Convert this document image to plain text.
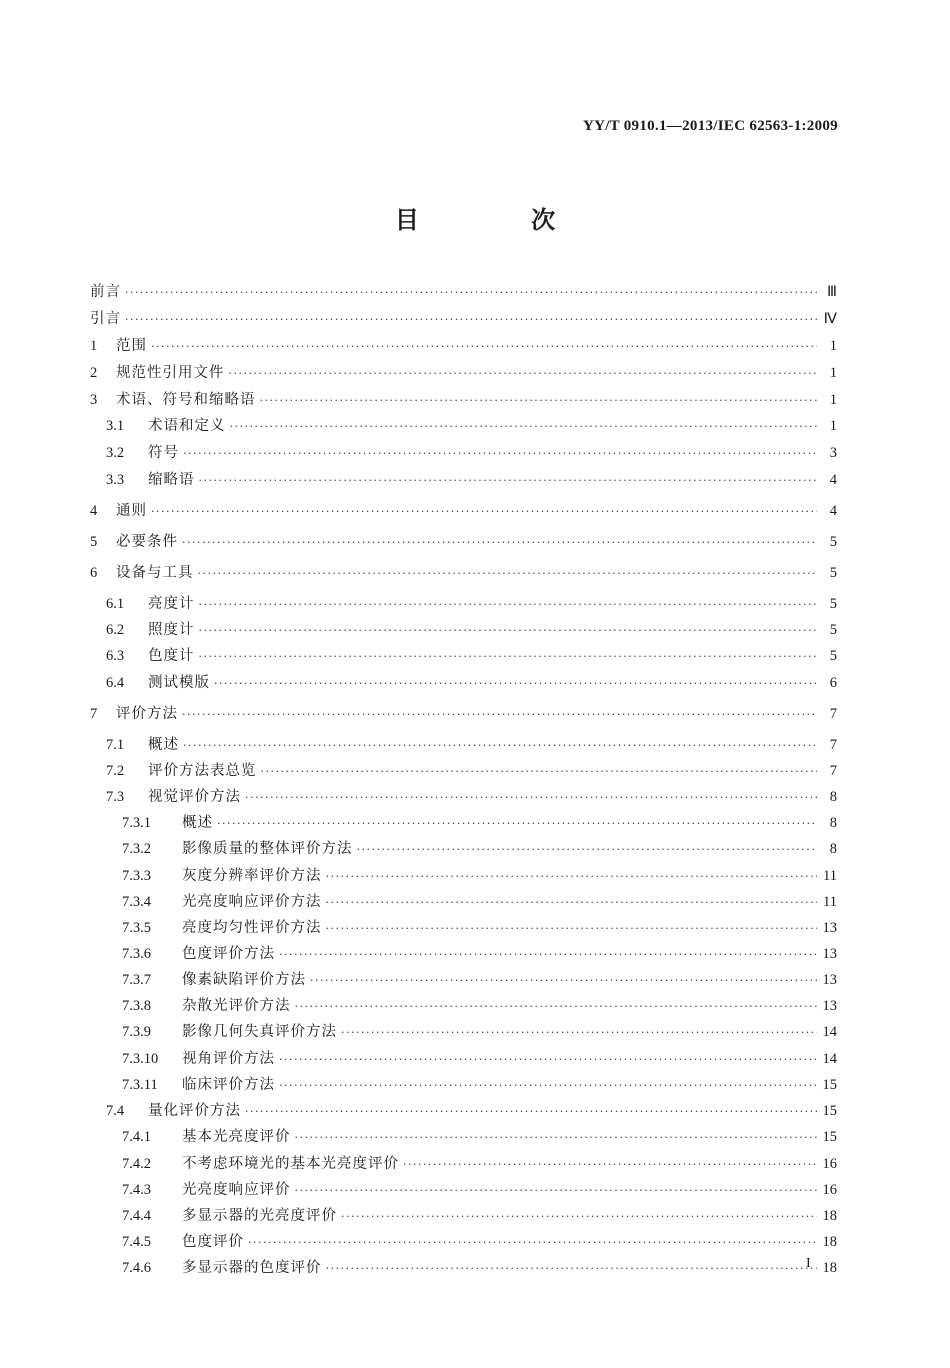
YY/T 0910.1—2013/IEC 62563-1:2009
目 次
前言 ·····	Ⅲ
引言 ·····	Ⅳ
1	范围 ·····	1
2	规范性引用文件 ·····	1
3	术语、符号和缩略语 ·····	1
3.1	术语和定义 ·····	1
3.2	符号 ·····	3
3.3	缩略语 ·····	4
4	通则 ·····	4
5	必要条件 ·····	5
6	设备与工具 ·····	5
6.1	亮度计 ·····	5
6.2	照度计 ·····	5
6.3	色度计 ·····	5
6.4	测试模版 ·····	6
7	评价方法 ·····	7
7.1	概述 ·····	7
7.2	评价方法表总览 ·····	7
7.3	视觉评价方法 ·····	8
7.3.1	概述 ·····	8
7.3.2	影像质量的整体评价方法 ·····	8
7.3.3	灰度分辨率评价方法 ·····	11
7.3.4	光亮度响应评价方法 ·····	11
7.3.5	亮度均匀性评价方法 ·····	13
7.3.6	色度评价方法 ·····	13
7.3.7	像素缺陷评价方法 ·····	13
7.3.8	杂散光评价方法 ·····	13
7.3.9	影像几何失真评价方法 ·····	14
7.3.10	视角评价方法 ·····	14
7.3.11	临床评价方法 ·····	15
7.4	量化评价方法 ·····	15
7.4.1	基本光亮度评价 ·····	15
7.4.2	不考虑环境光的基本光亮度评价 ·····	16
7.4.3	光亮度响应评价 ·····	16
7.4.4	多显示器的光亮度评价 ·····	18
7.4.5	色度评价 ·····	18
7.4.6	多显示器的色度评价 ·····	18
I
